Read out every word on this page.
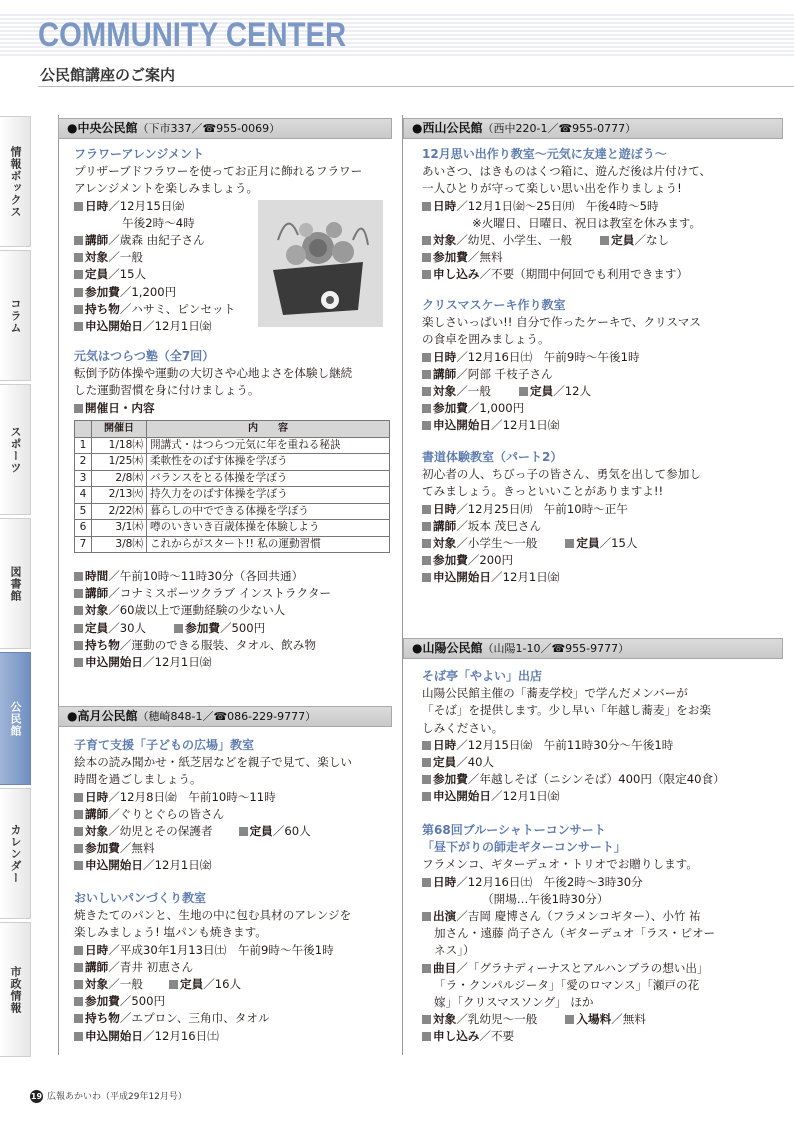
COMMUNITY CENTER
公民館講座のご案内
情報ボックス
コラム
スポーツ
図書館
公民館
カレンダー
市政情報
●中央公民館（下市337／☎955-0069）
フラワーアレンジメント
プリザーブドフラワーを使ってお正月に飾れるフラワー
アレンジメントを楽しみましょう。
日時／12月15日㈮
午後2時～4時
講師／歳森 由紀子さん
対象／一般
定員／15人
参加費／1,200円
持ち物／ハサミ、ピンセット
申込開始日／12月1日㈮
元気はつらつ塾（全7回）
転倒予防体操や運動の大切さや心地よさを体験し継続
した運動習慣を身に付けましょう。
開催日・内容
	開催日	内　　容
1	1/18㈭	開講式・はつらつ元気に年を重ねる秘訣
2	1/25㈭	柔軟性をのばす体操を学ぼう
3	2/8㈭	バランスをとる体操を学ぼう
4	2/13㈫	持久力をのばす体操を学ぼう
5	2/22㈭	暮らしの中でできる体操を学ぼう
6	3/1㈭	噂のいきいき百歳体操を体験しよう
7	3/8㈭	これからがスタート!! 私の運動習慣
時間／午前10時～11時30分（各回共通）
講師／コナミスポーツクラブ インストラクター
対象／60歳以上で運動経験の少ない人
定員／30人	参加費／500円
持ち物／運動のできる服装、タオル、飲み物
申込開始日／12月1日㈮
●高月公民館（穂崎848-1／☎086-229-9777）
子育て支援「子どもの広場」教室
絵本の読み聞かせ・紙芝居などを親子で見て、楽しい
時間を過ごしましょう。
日時／12月8日㈮　午前10時～11時
講師／ぐりとぐらの皆さん
対象／幼児とその保護者	定員／60人
参加費／無料
申込開始日／12月1日㈮
おいしいパンづくり教室
焼きたてのパンと、生地の中に包む具材のアレンジを
楽しみましょう! 塩パンも焼きます。
日時／平成30年1月13日㈯　午前9時～午後1時
講師／青井 初恵さん
対象／一般	定員／16人
参加費／500円
持ち物／エプロン、三角巾、タオル
申込開始日／12月16日㈯
●西山公民館（西中220-1／☎955-0777）
12月思い出作り教室～元気に友達と遊ぼう～
あいさつ、はきものはくつ箱に、遊んだ後は片付けて、
一人ひとりが守って楽しい思い出を作りましょう!
日時／12月1日㈮～25日㈪　午後4時～5時
※火曜日、日曜日、祝日は教室を休みます。
対象／幼児、小学生、一般	定員／なし
参加費／無料
申し込み／不要（期間中何回でも利用できます）
クリスマスケーキ作り教室
楽しさいっぱい!! 自分で作ったケーキで、クリスマス
の食卓を囲みましょう。
日時／12月16日㈯　午前9時～午後1時
講師／阿部 千枝子さん
対象／一般	定員／12人
参加費／1,000円
申込開始日／12月1日㈮
書道体験教室（パート2）
初心者の人、ちびっ子の皆さん、勇気を出して参加し
てみましょう。きっといいことがありますよ!!
日時／12月25日㈪　午前10時～正午
講師／坂本 茂巳さん
対象／小学生～一般	定員／15人
参加費／200円
申込開始日／12月1日㈮
●山陽公民館（山陽1-10／☎955-9777）
そば亭「やよい」出店
山陽公民館主催の「蕎麦学校」で学んだメンバーが
「そば」を提供します。少し早い「年越し蕎麦」をお楽
しみください。
日時／12月15日㈮　午前11時30分～午後1時
定員／40人
参加費／年越しそば（ニシンそば）400円（限定40食）
申込開始日／12月1日㈮
第68回ブルーシャトーコンサート
「昼下がりの師走ギターコンサート」
フラメンコ、ギターデュオ・トリオでお贈りします。
日時／12月16日㈯　午後2時～3時30分
（開場…午後1時30分）
出演／吉岡 慶博さん（フラメンコギター）、小竹 祐
加さん・遠藤 尚子さん（ギターデュオ「ラス・ピオー
ネス」）
曲目／「グラナディーナスとアルハンブラの想い出」
「ラ・クンパルジータ」「愛のロマンス」「瀬戸の花
嫁」「クリスマスソング」 ほか
対象／乳幼児～一般	入場料／無料
申し込み／不要
19 広報あかいわ（平成29年12月号）
